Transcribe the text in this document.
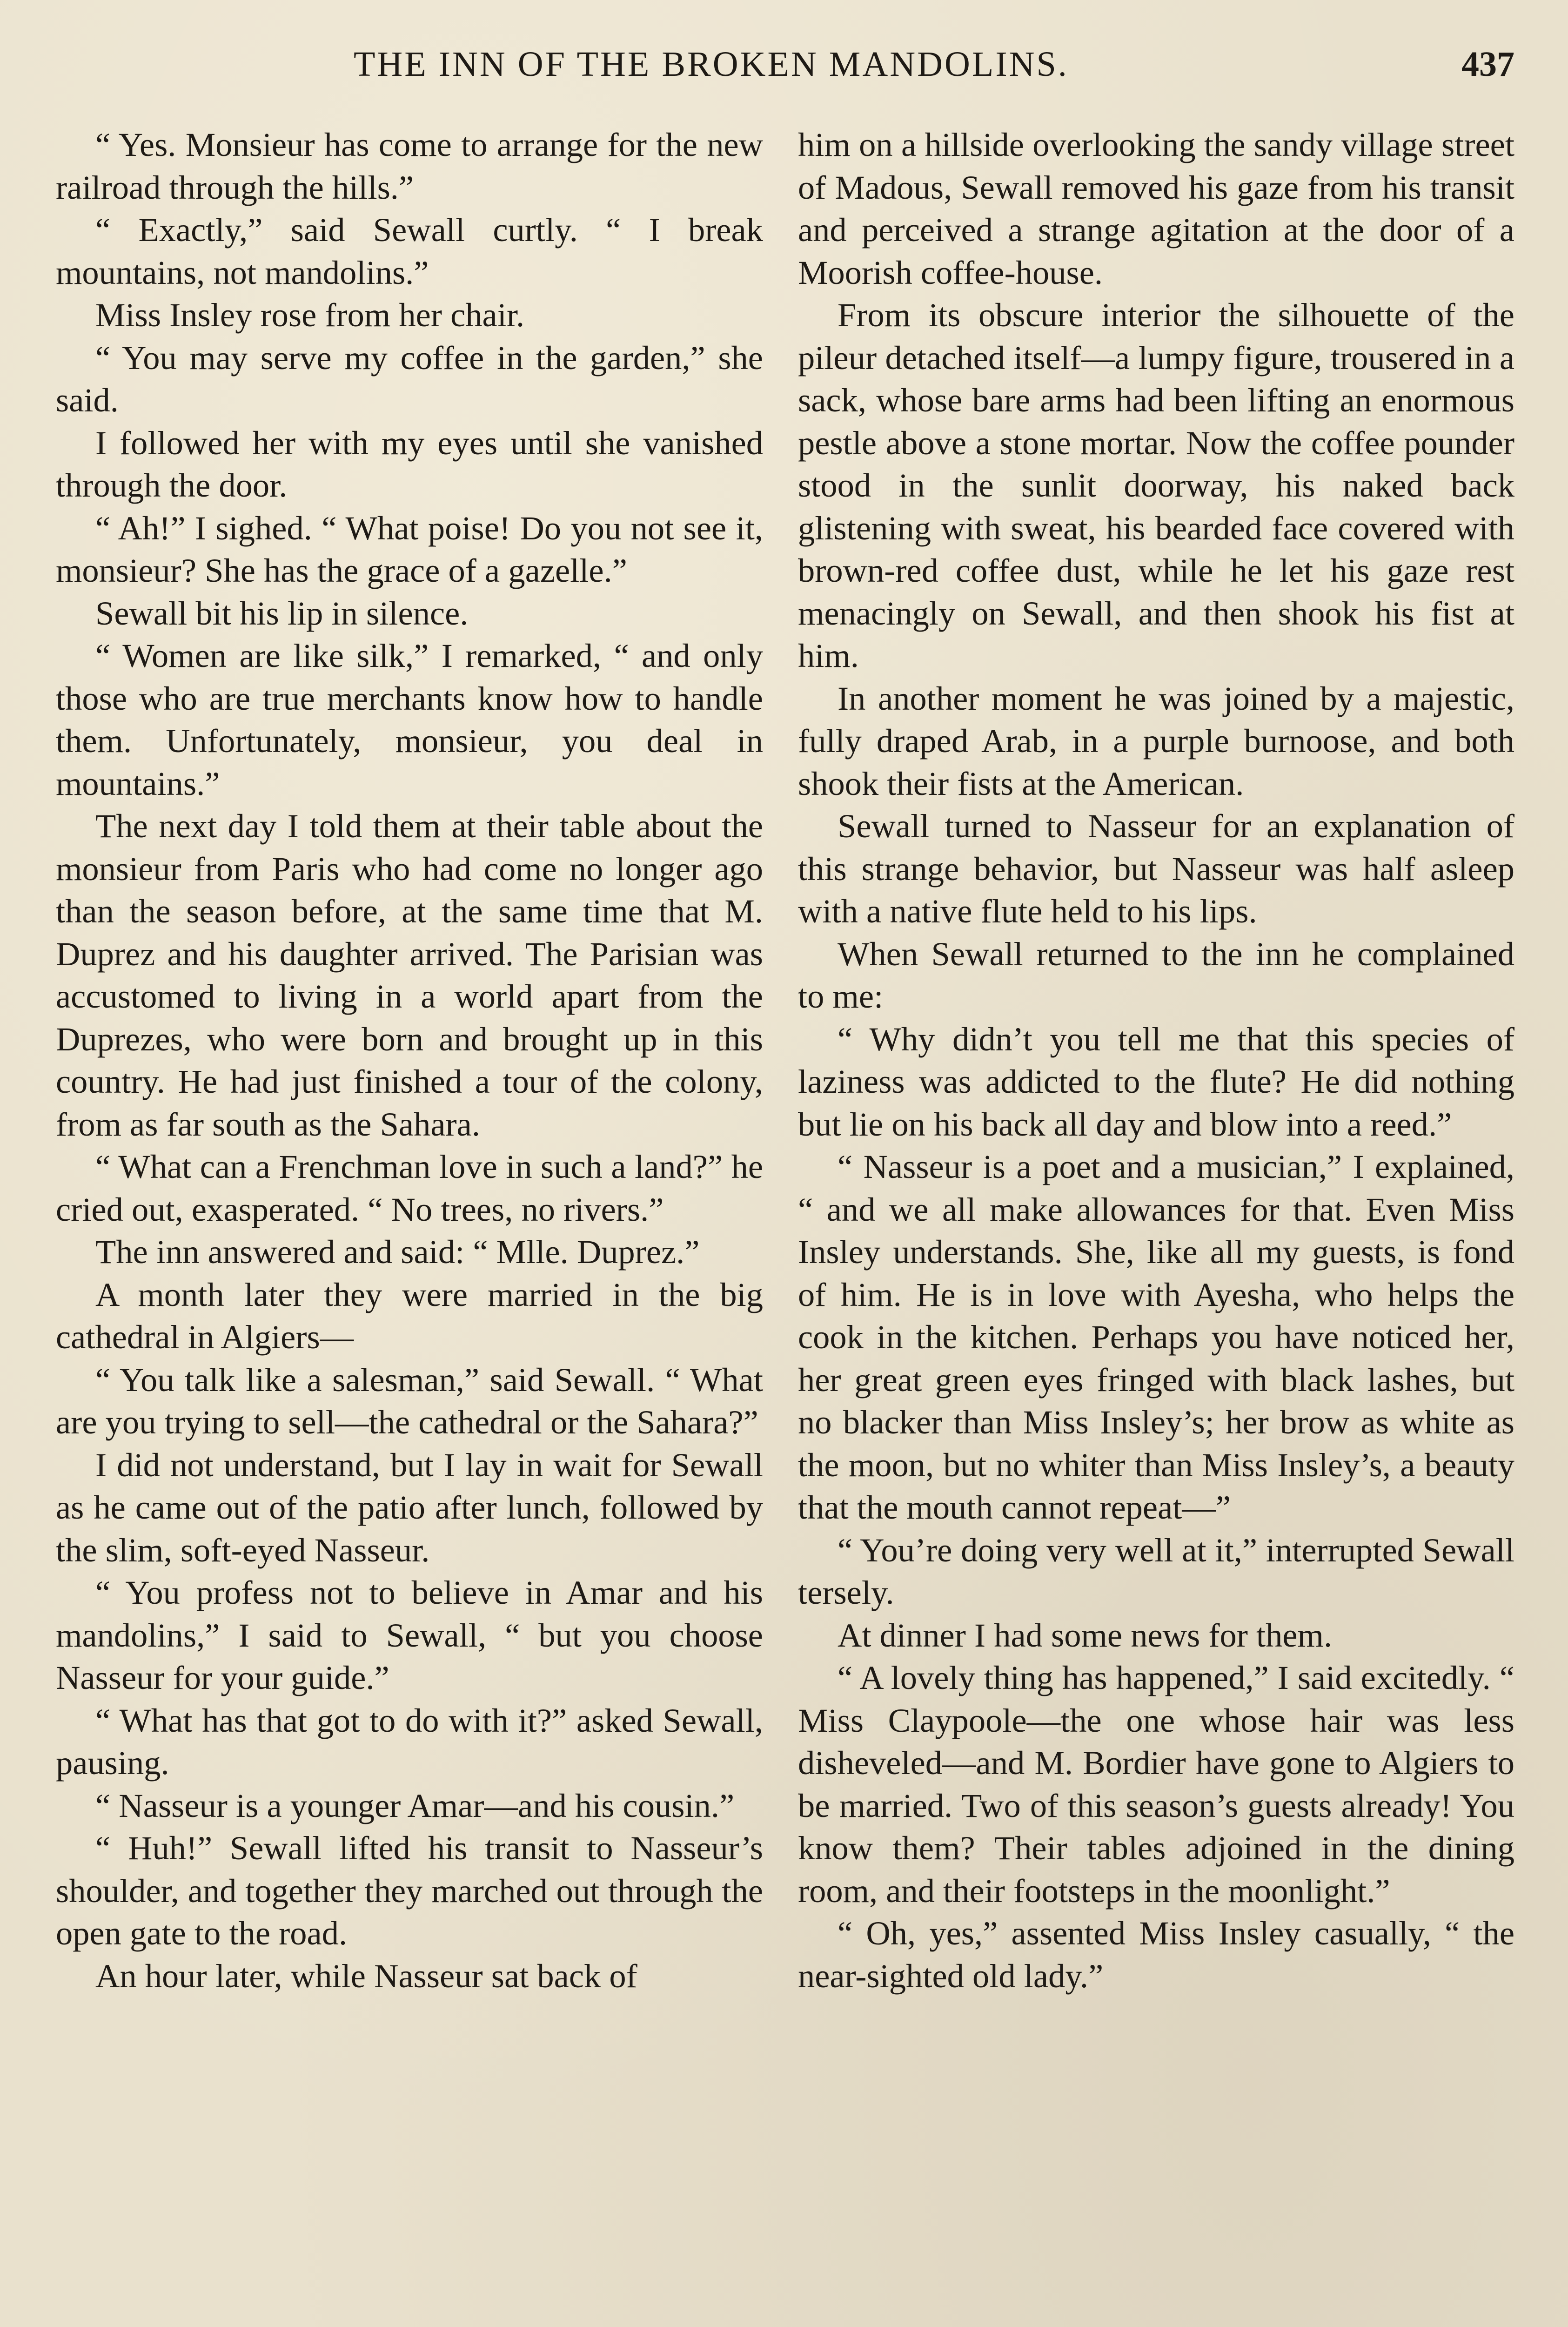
THE INN OF THE BROKEN MANDOLINS.	437

“ Yes. Monsieur has come to arrange for the new railroad through the hills.”

“ Exactly,” said Sewall curtly. “ I break mountains, not mandolins.”

Miss Insley rose from her chair.

“ You may serve my coffee in the garden,” she said.

I followed her with my eyes until she vanished through the door.

“ Ah!” I sighed. “ What poise! Do you not see it, monsieur? She has the grace of a gazelle.”

Sewall bit his lip in silence.

“ Women are like silk,” I remarked, “ and only those who are true merchants know how to handle them. Unfortunately, monsieur, you deal in mountains.”

The next day I told them at their table about the monsieur from Paris who had come no longer ago than the season before, at the same time that M. Duprez and his daughter arrived. The Parisian was accustomed to living in a world apart from the Duprezes, who were born and brought up in this country. He had just finished a tour of the colony, from as far south as the Sahara.

“ What can a Frenchman love in such a land?” he cried out, exasperated. “ No trees, no rivers.”

The inn answered and said: “ Mlle. Duprez.”

A month later they were married in the big cathedral in Algiers—

“ You talk like a salesman,” said Sewall. “ What are you trying to sell—the cathedral or the Sahara?”

I did not understand, but I lay in wait for Sewall as he came out of the patio after lunch, followed by the slim, soft-eyed Nasseur.

“ You profess not to believe in Amar and his mandolins,” I said to Sewall, “ but you choose Nasseur for your guide.”

“ What has that got to do with it?” asked Sewall, pausing.

“ Nasseur is a younger Amar—and his cousin.”

“ Huh!” Sewall lifted his transit to Nasseur’s shoulder, and together they marched out through the open gate to the road.

An hour later, while Nasseur sat back of

him on a hillside overlooking the sandy village street of Madous, Sewall removed his gaze from his transit and perceived a strange agitation at the door of a Moorish coffee-house.

From its obscure interior the silhouette of the pileur detached itself—a lumpy figure, trousered in a sack, whose bare arms had been lifting an enormous pestle above a stone mortar. Now the coffee pounder stood in the sunlit doorway, his naked back glistening with sweat, his bearded face covered with brown-red coffee dust, while he let his gaze rest menacingly on Sewall, and then shook his fist at him.

In another moment he was joined by a majestic, fully draped Arab, in a purple burnoose, and both shook their fists at the American.

Sewall turned to Nasseur for an explanation of this strange behavior, but Nasseur was half asleep with a native flute held to his lips.

When Sewall returned to the inn he complained to me:

“ Why didn’t you tell me that this species of laziness was addicted to the flute? He did nothing but lie on his back all day and blow into a reed.”

“ Nasseur is a poet and a musician,” I explained, “ and we all make allowances for that. Even Miss Insley understands. She, like all my guests, is fond of him. He is in love with Ayesha, who helps the cook in the kitchen. Perhaps you have noticed her, her great green eyes fringed with black lashes, but no blacker than Miss Insley’s; her brow as white as the moon, but no whiter than Miss Insley’s, a beauty that the mouth cannot repeat—”

“ You’re doing very well at it,” interrupted Sewall tersely.

At dinner I had some news for them.

“ A lovely thing has happened,” I said excitedly. “ Miss Claypoole—the one whose hair was less disheveled—and M. Bordier have gone to Algiers to be married. Two of this season’s guests already! You know them? Their tables adjoined in the dining room, and their footsteps in the moonlight.”

“ Oh, yes,” assented Miss Insley casually, “ the near-sighted old lady.”
